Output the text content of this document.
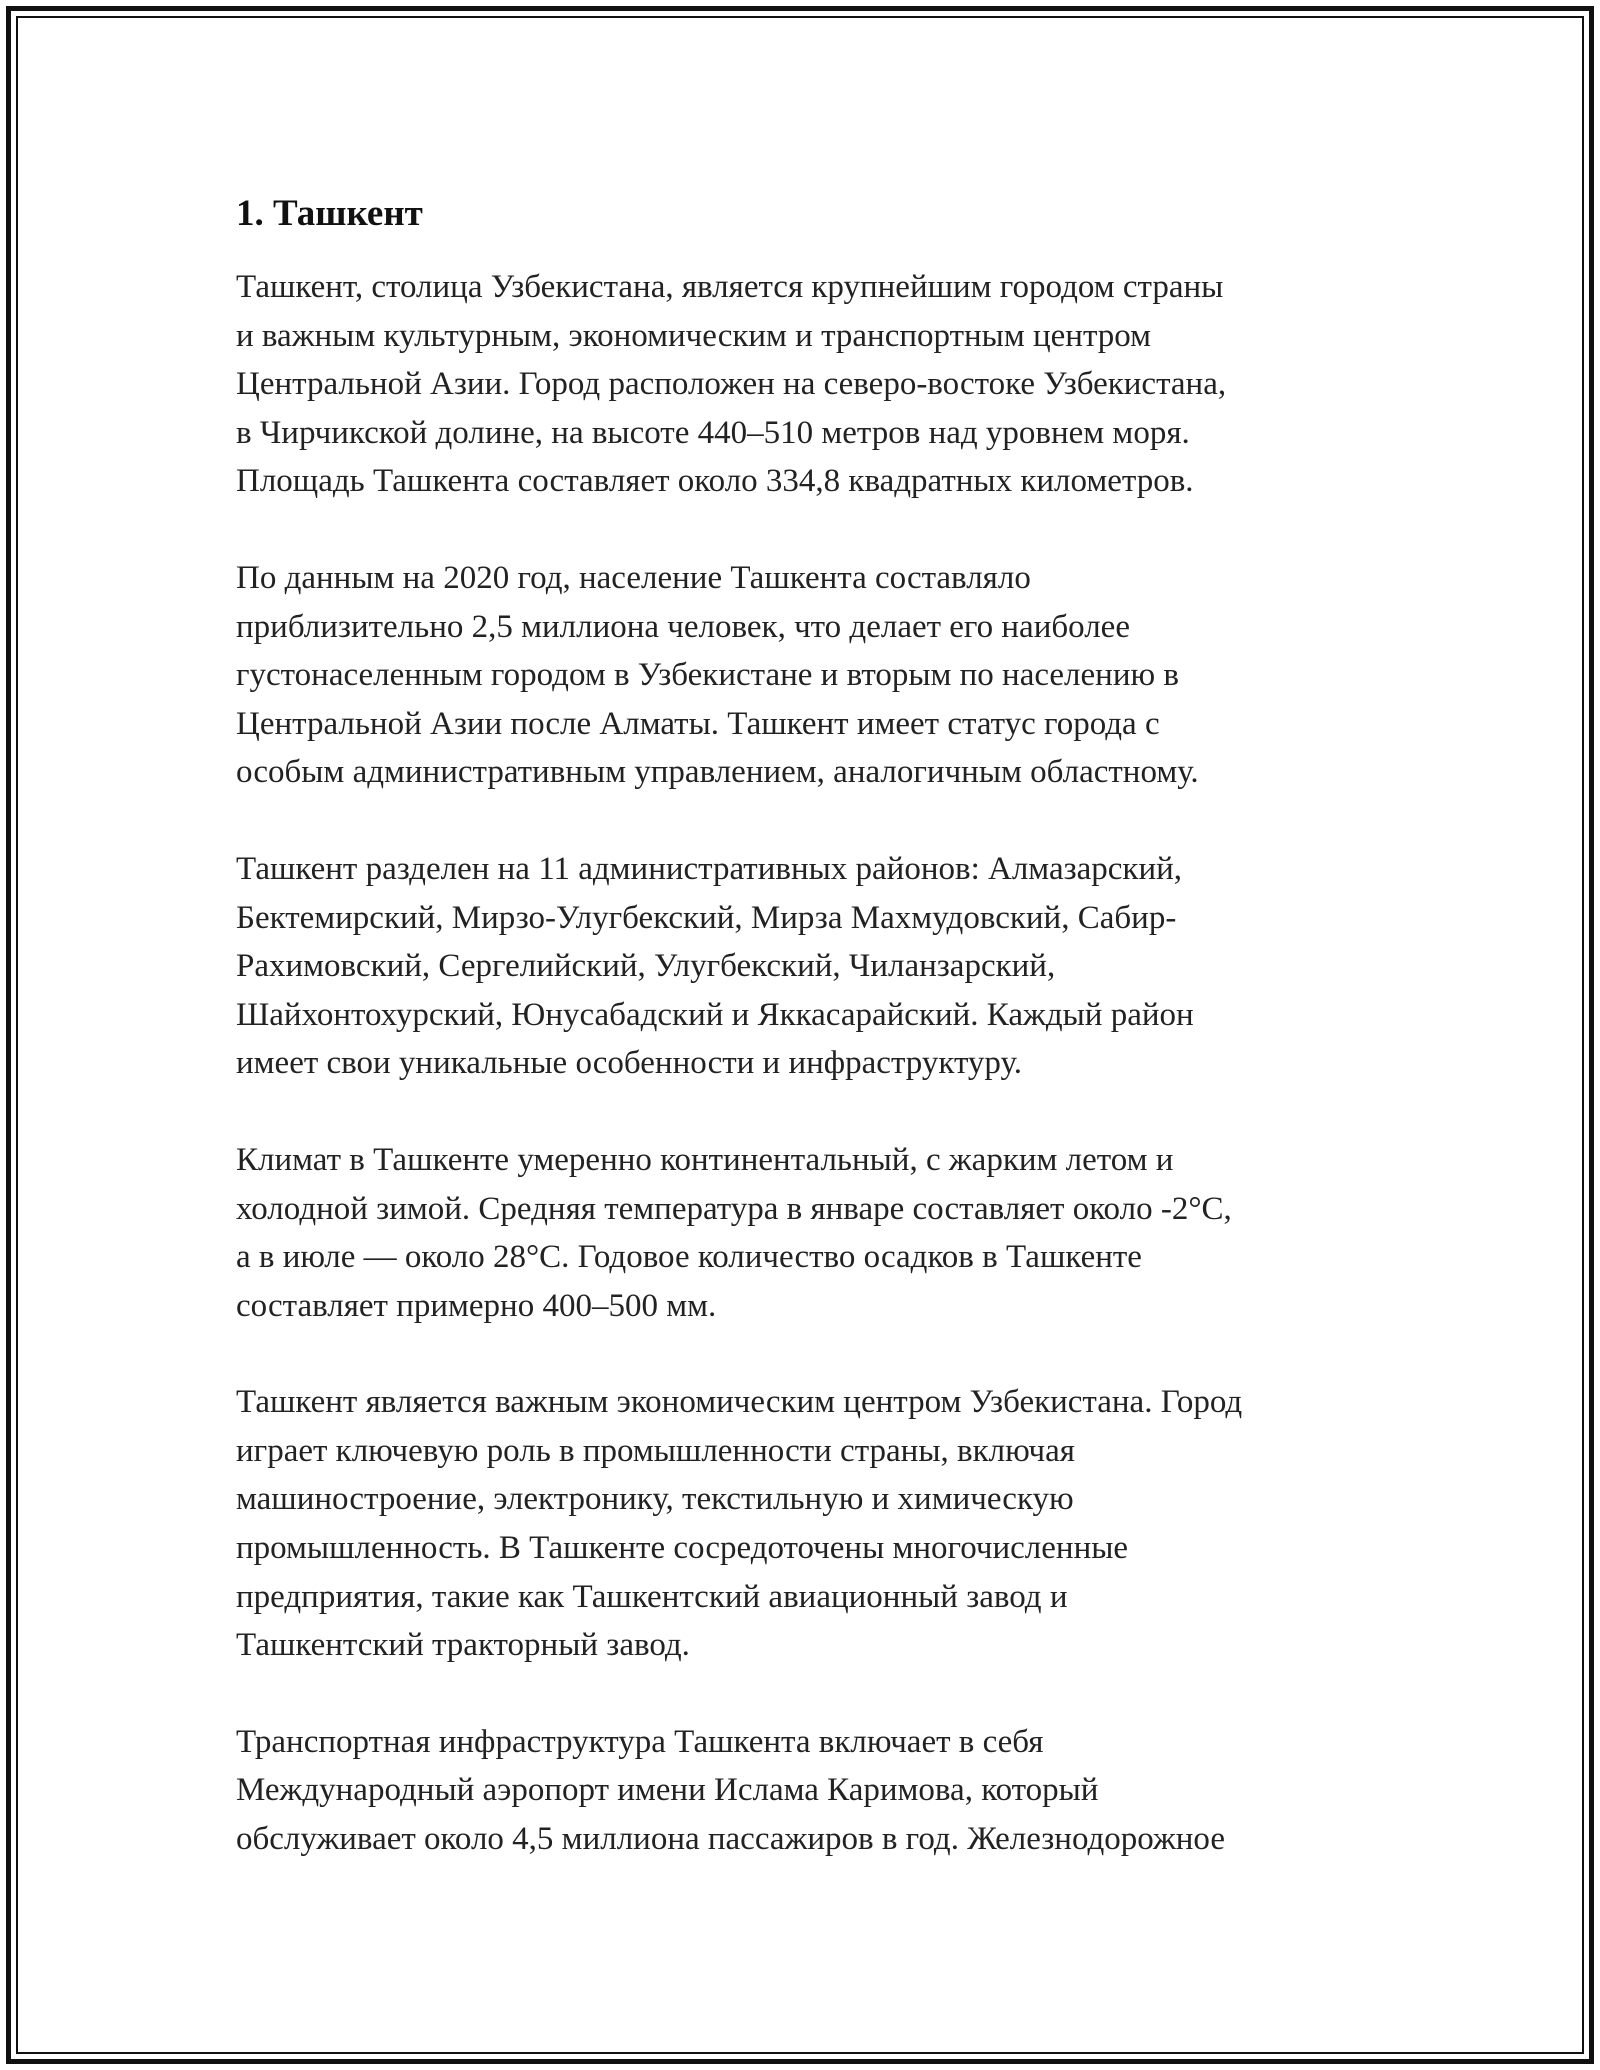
1. Ташкент

Ташкент, столица Узбекистана, является крупнейшим городом страны
и важным культурным, экономическим и транспортным центром
Центральной Азии. Город расположен на северо-востоке Узбекистана,
в Чирчикской долине, на высоте 440–510 метров над уровнем моря.
Площадь Ташкента составляет около 334,8 квадратных километров.

По данным на 2020 год, население Ташкента составляло
приблизительно 2,5 миллиона человек, что делает его наиболее
густонаселенным городом в Узбекистане и вторым по населению в
Центральной Азии после Алматы. Ташкент имеет статус города с
особым административным управлением, аналогичным областному.

Ташкент разделен на 11 административных районов: Алмазарский,
Бектемирский, Мирзо-Улугбекский, Мирза Махмудовский, Сабир-
Рахимовский, Сергелийский, Улугбекский, Чиланзарский,
Шайхонтохурский, Юнусабадский и Яккасарайский. Каждый район
имеет свои уникальные особенности и инфраструктуру.

Климат в Ташкенте умеренно континентальный, с жарким летом и
холодной зимой. Средняя температура в январе составляет около -2°C,
а в июле — около 28°C. Годовое количество осадков в Ташкенте
составляет примерно 400–500 мм.

Ташкент является важным экономическим центром Узбекистана. Город
играет ключевую роль в промышленности страны, включая
машиностроение, электронику, текстильную и химическую
промышленность. В Ташкенте сосредоточены многочисленные
предприятия, такие как Ташкентский авиационный завод и
Ташкентский тракторный завод.

Транспортная инфраструктура Ташкента включает в себя
Международный аэропорт имени Ислама Каримова, который
обслуживает около 4,5 миллиона пассажиров в год. Железнодорожное
